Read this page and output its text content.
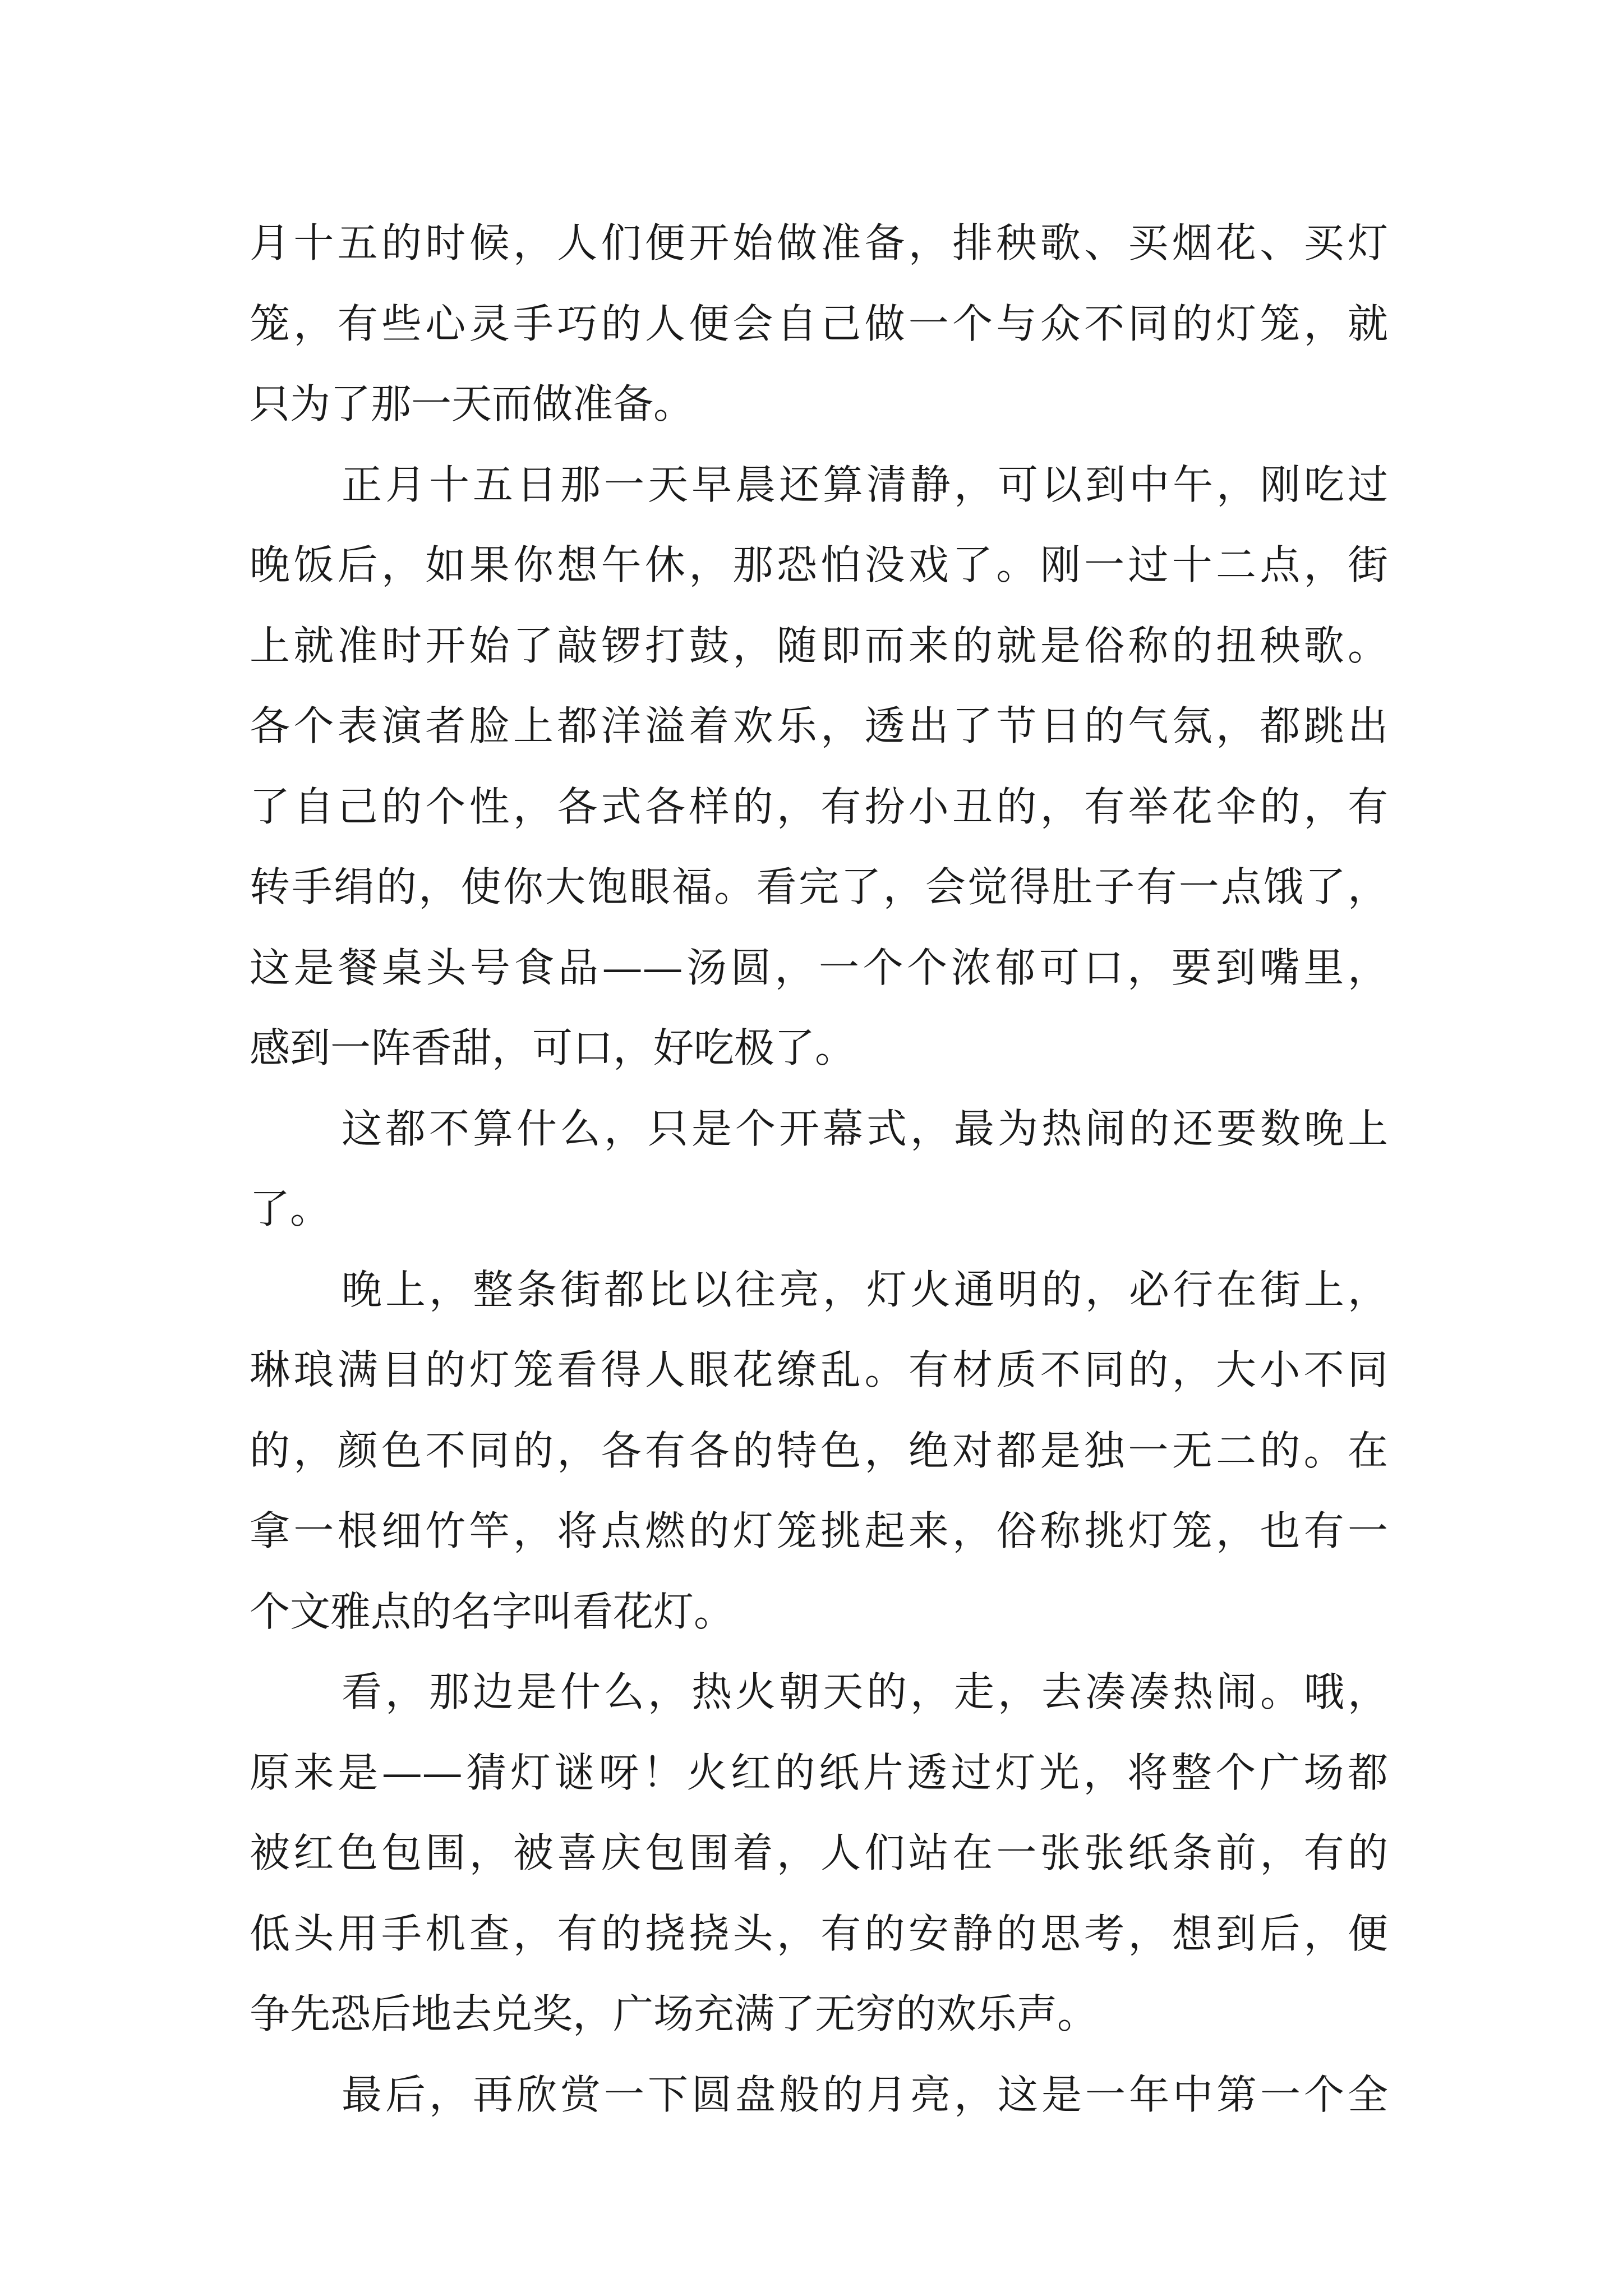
月十五的时候，人们便开始做准备，排秧歌、买烟花、买灯
笼，有些心灵手巧的人便会自己做一个与众不同的灯笼，就
只为了那一天而做准备。
正月十五日那一天早晨还算清静，可以到中午，刚吃过
晚饭后，如果你想午休，那恐怕没戏了。刚一过十二点，街
上就准时开始了敲锣打鼓，随即而来的就是俗称的扭秧歌。
各个表演者脸上都洋溢着欢乐，透出了节日的气氛，都跳出
了自己的个性，各式各样的，有扮小丑的，有举花伞的，有
转手绢的，使你大饱眼福。看完了，会觉得肚子有一点饿了，
这是餐桌头号食品——汤圆，一个个浓郁可口，要到嘴里，
感到一阵香甜，可口，好吃极了。
这都不算什么，只是个开幕式，最为热闹的还要数晚上
了。
晚上，整条街都比以往亮，灯火通明的，必行在街上，
琳琅满目的灯笼看得人眼花缭乱。有材质不同的，大小不同
的，颜色不同的，各有各的特色，绝对都是独一无二的。在
拿一根细竹竿，将点燃的灯笼挑起来，俗称挑灯笼，也有一
个文雅点的名字叫看花灯。
看，那边是什么，热火朝天的，走，去凑凑热闹。哦，
原来是——猜灯谜呀！火红的纸片透过灯光，将整个广场都
被红色包围，被喜庆包围着，人们站在一张张纸条前，有的
低头用手机查，有的挠挠头，有的安静的思考，想到后，便
争先恐后地去兑奖，广场充满了无穷的欢乐声。
最后，再欣赏一下圆盘般的月亮，这是一年中第一个全
